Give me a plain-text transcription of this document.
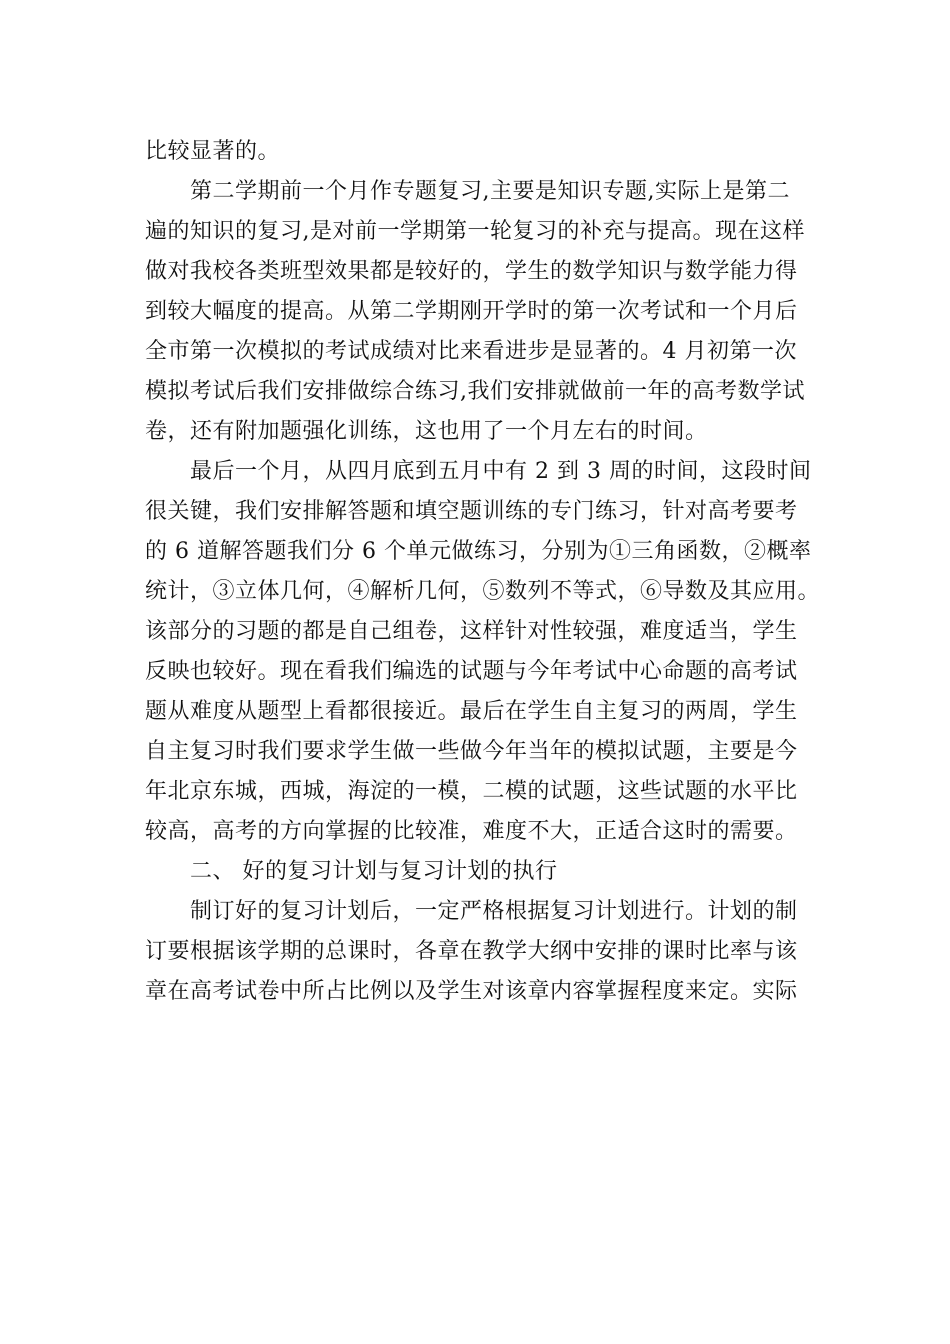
比较显著的。
第二学期前一个月作专题复习,主要是知识专题,实际上是第二
遍的知识的复习,是对前一学期第一轮复习的补充与提高。现在这样
做对我校各类班型效果都是较好的，学生的数学知识与数学能力得
到较大幅度的提高。从第二学期刚开学时的第一次考试和一个月后
全市第一次模拟的考试成绩对比来看进步是显著的。4 月初第一次
模拟考试后我们安排做综合练习,我们安排就做前一年的高考数学试
卷，还有附加题强化训练，这也用了一个月左右的时间。
最后一个月，从四月底到五月中有 2 到 3 周的时间，这段时间
很关键，我们安排解答题和填空题训练的专门练习，针对高考要考
的 6 道解答题我们分 6 个单元做练习，分别为①三角函数，②概率
统计，③立体几何，④解析几何，⑤数列不等式，⑥导数及其应用。
该部分的习题的都是自己组卷，这样针对性较强，难度适当，学生
反映也较好。现在看我们编选的试题与今年考试中心命题的高考试
题从难度从题型上看都很接近。最后在学生自主复习的两周，学生
自主复习时我们要求学生做一些做今年当年的模拟试题，主要是今
年北京东城，西城，海淀的一模，二模的试题，这些试题的水平比
较高，高考的方向掌握的比较准，难度不大，正适合这时的需要。
二、 好的复习计划与复习计划的执行
制订好的复习计划后，一定严格根据复习计划进行。计划的制
订要根据该学期的总课时，各章在教学大纲中安排的课时比率与该
章在高考试卷中所占比例以及学生对该章内容掌握程度来定。实际
